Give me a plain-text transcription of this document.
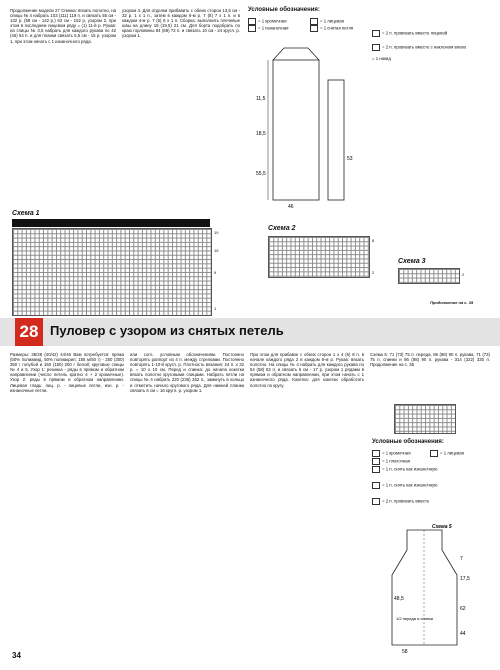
Продолжение модели 27 Спинка: вязать полотно, на спицы № 4 набрать 103 (111) 119 п. и связать 55 см - 132 р. (58 см - 142 р.) 63 см - 152 р. узором 2, при этом в последнем лицевом ряду = (1) 11-й р. Рукав: на спицы № 3,5 набрать для каждого рукава по 42 (46) 54 п. и для планки связать 5,5 см - 15 р. узором 1, при этом начать с 1 изнаночного ряда.

узором 4. Для отделки прибавить с обеих сторон 13,5 см - 32 р. 1 х 1 п., затем в каждом 6-м р. 7 (8) 7 х 1 п. и в каждом 4-м р. 7 (6) 6 х 1 п. Сборка: выполнить плечевые швы на длину 18 (19,5) 21 см. Для борта подобрать по краю горловины 84 (88) 72 п. и связать 10 см - 24 кругл. р. узором 1.

11,5
18,5
55,5
46
53
Условные обозначения:
= 1 кромочная
= 1 изнаночная
= 1 лицевая
= 1 снятая петля
= 2 п. провязать вместе лицевой
= 2 п. провязать вместе с наклоном влево

= 1 накид

Схема 1
19
15
9
1
Схема 2
8
2
Схема 3
2
Продолжение на с. 35
28 Пуловер с узором из снятых петель

Размеры: 36/38 (40/42) 44/46 Вам потребуется: пряжа (50% полиамид, 50% полиакрил; 155 м/50 г) - 250 (300) 350 г голубой и 150 (150) 200 г белой; круговые спицы № 4 и 5. Узор 1: резинка - ряды в прямом и обратном направлении (число петель кратно 4 + 2 кромочные). Узор 2: ряды в прямом и обратном направлении. Лицевая гладь: лиц. р. - лицевые петли, изн. р. - изнаночные петли.

или согл. условным обозначениям. Постоянно повторять раппорт из 4 п. между стрелками. Постоянно повторять 1-10-й кругл. р. Плотность вязания: 24 п. х 32 р. = 10 х 10 см. Перед и спинка: до начала кокетки вязать полотно круговыми спицами. Набрать петли на спицы № 4 набрать 220 (236) 252 п., замкнуть в кольцо и отметить начало кругового ряда. Для нижней планки связать 6 см = 16 кругл. р. узором 1.

При этом для прибавок с обеих сторон 1 х 4 (6) 8 п. в начале каждого ряда 2 в каждом 8-м р. Рукав: вязать полотно. На спицы № 4 набрать для каждого рукава по 54 (58) 62 п. и связать 6 см - 17 р. узором 1 рядами в прямом и обратном направлении, при этом начать с 1 изнаночного ряда. Кокетка: для кокетки обработать полотно по кругу.

Схема 5: 71 (73) 75 п. переда, 86 (88) 90 п. рукава, 71 (73) 75 п. спинки и 86 (88) 90 п. рукава - 314 (322) 330 п. Продолжение на с. 35

Условные обозначения:
= 1 кромочная	= 1 лицевая
= 1 платочная
= 1 п. снять как изнаночную
= 1 п. снять как изнаночную
= 2 п. провязать вместе
Схема 5
58
48,5
1/2 переда и спинки
62
7
17,5
44
34
